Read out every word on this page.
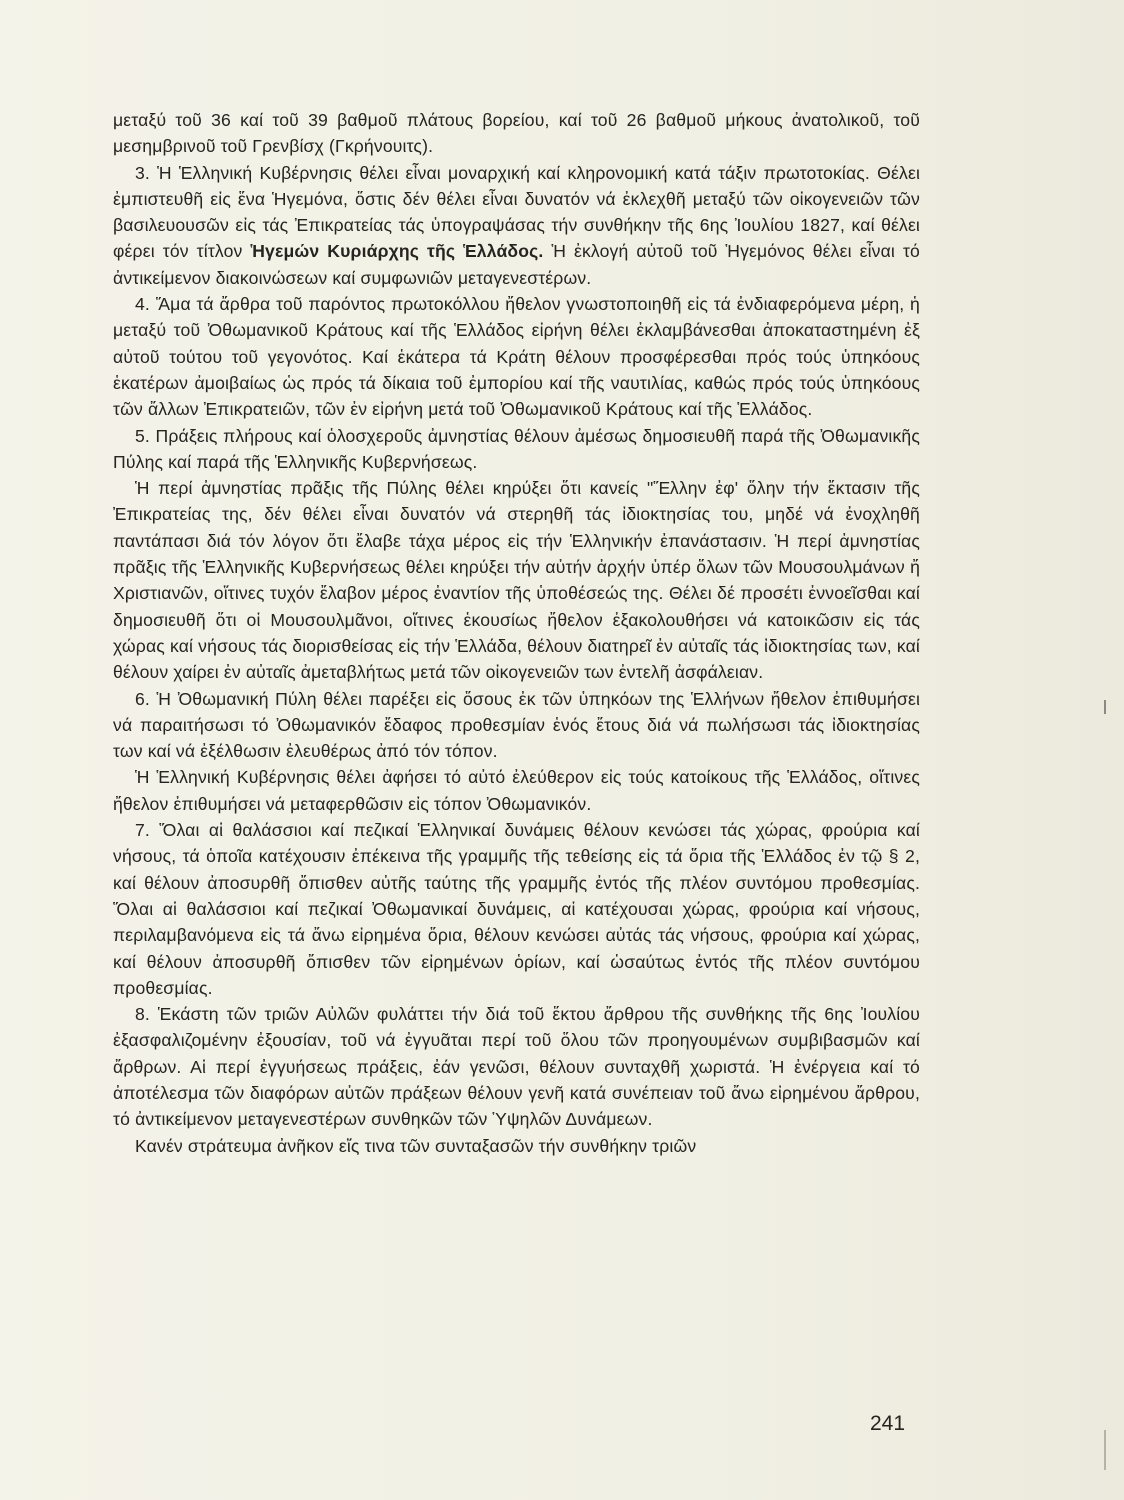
μεταξύ τοῦ 36 καί τοῦ 39 βαθμοῦ πλάτους βορείου, καί τοῦ 26 βαθμοῦ μήκους ἀνατολικοῦ, τοῦ μεσημβρινοῦ τοῦ Γρενβίσχ (Γκρήνουιτς).

3. Ἡ Ἑλληνική Κυβέρνησις θέλει εἶναι μοναρχική καί κληρονομική κατά τάξιν πρωτοτοκίας. Θέλει ἐμπιστευθῆ εἰς ἕνα Ἡγεμόνα, ὅστις δέν θέλει εἶναι δυνατόν νά ἐκλεχθῆ μεταξύ τῶν οἰκογενειῶν τῶν βασιλευουσῶν εἰς τάς Ἐπικρατείας τάς ὑπογραψάσας τήν συνθήκην τῆς 6ης Ἰουλίου 1827, καί θέλει φέρει τόν τίτλον Ἡγεμών Κυριάρχης τῆς Ἑλλάδος. Ἡ ἐκλογή αὐτοῦ τοῦ Ἡγεμόνος θέλει εἶναι τό ἀντικείμενον διακοινώσεων καί συμφωνιῶν μεταγενεστέρων.

4. Ἅμα τά ἄρθρα τοῦ παρόντος πρωτοκόλλου ἤθελον γνωστοποιηθῆ εἰς τά ἐνδιαφερόμενα μέρη, ἡ μεταξύ τοῦ Ὀθωμανικοῦ Κράτους καί τῆς Ἑλλάδος εἰρήνη θέλει ἐκλαμβάνεσθαι ἀποκαταστημένη ἐξ αὐτοῦ τούτου τοῦ γεγονότος. Καί ἑκάτερα τά Κράτη θέλουν προσφέρεσθαι πρός τούς ὑπηκόους ἑκατέρων ἀμοιβαίως ὡς πρός τά δίκαια τοῦ ἐμπορίου καί τῆς ναυτιλίας, καθώς πρός τούς ὑπηκόους τῶν ἄλλων Ἐπικρατειῶν, τῶν ἐν εἰρήνη μετά τοῦ Ὀθωμανικοῦ Κράτους καί τῆς Ἑλλάδος.

5. Πράξεις πλήρους καί ὁλοσχεροῦς ἀμνηστίας θέλουν ἀμέσως δημοσιευθῆ παρά τῆς Ὀθωμανικῆς Πύλης καί παρά τῆς Ἑλληνικῆς Κυβερνήσεως.

Ἡ περί ἀμνηστίας πρᾶξις τῆς Πύλης θέλει κηρύξει ὅτι κανείς "Ἕλλην ἐφ' ὅλην τήν ἔκτασιν τῆς Ἐπικρατείας της, δέν θέλει εἶναι δυνατόν νά στερηθῆ τάς ἰδιοκτησίας του, μηδέ νά ἐνοχληθῆ παντάπασι διά τόν λόγον ὅτι ἔλαβε τάχα μέρος εἰς τήν Ἑλληνικήν ἐπανάστασιν. Ἡ περί ἀμνηστίας πρᾶξις τῆς Ἑλληνικῆς Κυβερνήσεως θέλει κηρύξει τήν αὐτήν ἀρχήν ὑπέρ ὅλων τῶν Μουσουλμάνων ἤ Χριστιανῶν, οἵτινες τυχόν ἔλαβον μέρος ἐναντίον τῆς ὑποθέσεώς της. Θέλει δέ προσέτι ἐννοεῖσθαι καί δημοσιευθῆ ὅτι οἱ Μουσουλμᾶνοι, οἵτινες ἑκουσίως ἤθελον ἐξακολουθήσει νά κατοικῶσιν εἰς τάς χώρας καί νήσους τάς διορισθείσας εἰς τήν Ἑλλάδα, θέλουν διατηρεῖ ἐν αὐταῖς τάς ἰδιοκτησίας των, καί θέλουν χαίρει ἐν αὐταῖς ἀμεταβλήτως μετά τῶν οἰκογενειῶν των ἐντελῆ ἀσφάλειαν.

6. Ἡ Ὀθωμανική Πύλη θέλει παρέξει εἰς ὅσους ἐκ τῶν ὑπηκόων της Ἑλλήνων ἤθελον ἐπιθυμήσει νά παραιτήσωσι τό Ὀθωμανικόν ἔδαφος προθεσμίαν ἑνός ἔτους διά νά πωλήσωσι τάς ἰδιοκτησίας των καί νά ἐξέλθωσιν ἐλευθέρως ἀπό τόν τόπον.

Ἡ Ἑλληνική Κυβέρνησις θέλει ἀφήσει τό αὐτό ἐλεύθερον εἰς τούς κατοίκους τῆς Ἑλλάδος, οἵτινες ἤθελον ἐπιθυμήσει νά μεταφερθῶσιν εἰς τόπον Ὀθωμανικόν.

7. Ὅλαι αἱ θαλάσσιοι καί πεζικαί Ἑλληνικαί δυνάμεις θέλουν κενώσει τάς χώρας, φρούρια καί νήσους, τά ὁποῖα κατέχουσιν ἐπέκεινα τῆς γραμμῆς τῆς τεθείσης εἰς τά ὅρια τῆς Ἑλλάδος ἐν τῷ § 2, καί θέλουν ἀποσυρθῆ ὄπισθεν αὐτῆς ταύτης τῆς γραμμῆς ἐντός τῆς πλέον συντόμου προθεσμίας. Ὅλαι αἱ θαλάσσιοι καί πεζικαί Ὀθωμανικαί δυνάμεις, αἱ κατέχουσαι χώρας, φρούρια καί νήσους, περιλαμβανόμενα εἰς τά ἄνω εἰρημένα ὅρια, θέλουν κενώσει αὐτάς τάς νήσους, φρούρια καί χώρας, καί θέλουν ἀποσυρθῆ ὄπισθεν τῶν εἰρημένων ὁρίων, καί ὡσαύτως ἐντός τῆς πλέον συντόμου προθεσμίας.

8. Ἑκάστη τῶν τριῶν Αὐλῶν φυλάττει τήν διά τοῦ ἕκτου ἄρθρου τῆς συνθήκης τῆς 6ης Ἰουλίου ἐξασφαλιζομένην ἐξουσίαν, τοῦ νά ἐγγυᾶται περί τοῦ ὅλου τῶν προηγουμένων συμβιβασμῶν καί ἄρθρων. Αἱ περί ἐγγυήσεως πράξεις, ἐάν γενῶσι, θέλουν συνταχθῆ χωριστά. Ἡ ἐνέργεια καί τό ἀποτέλεσμα τῶν διαφόρων αὐτῶν πράξεων θέλουν γενῆ κατά συνέπειαν τοῦ ἄνω εἰρημένου ἄρθρου, τό ἀντικείμενον μεταγενεστέρων συνθηκῶν τῶν Ὑψηλῶν Δυνάμεων.

Κανέν στράτευμα ἀνῆκον εἴς τινα τῶν συνταξασῶν τήν συνθήκην τριῶν

241
